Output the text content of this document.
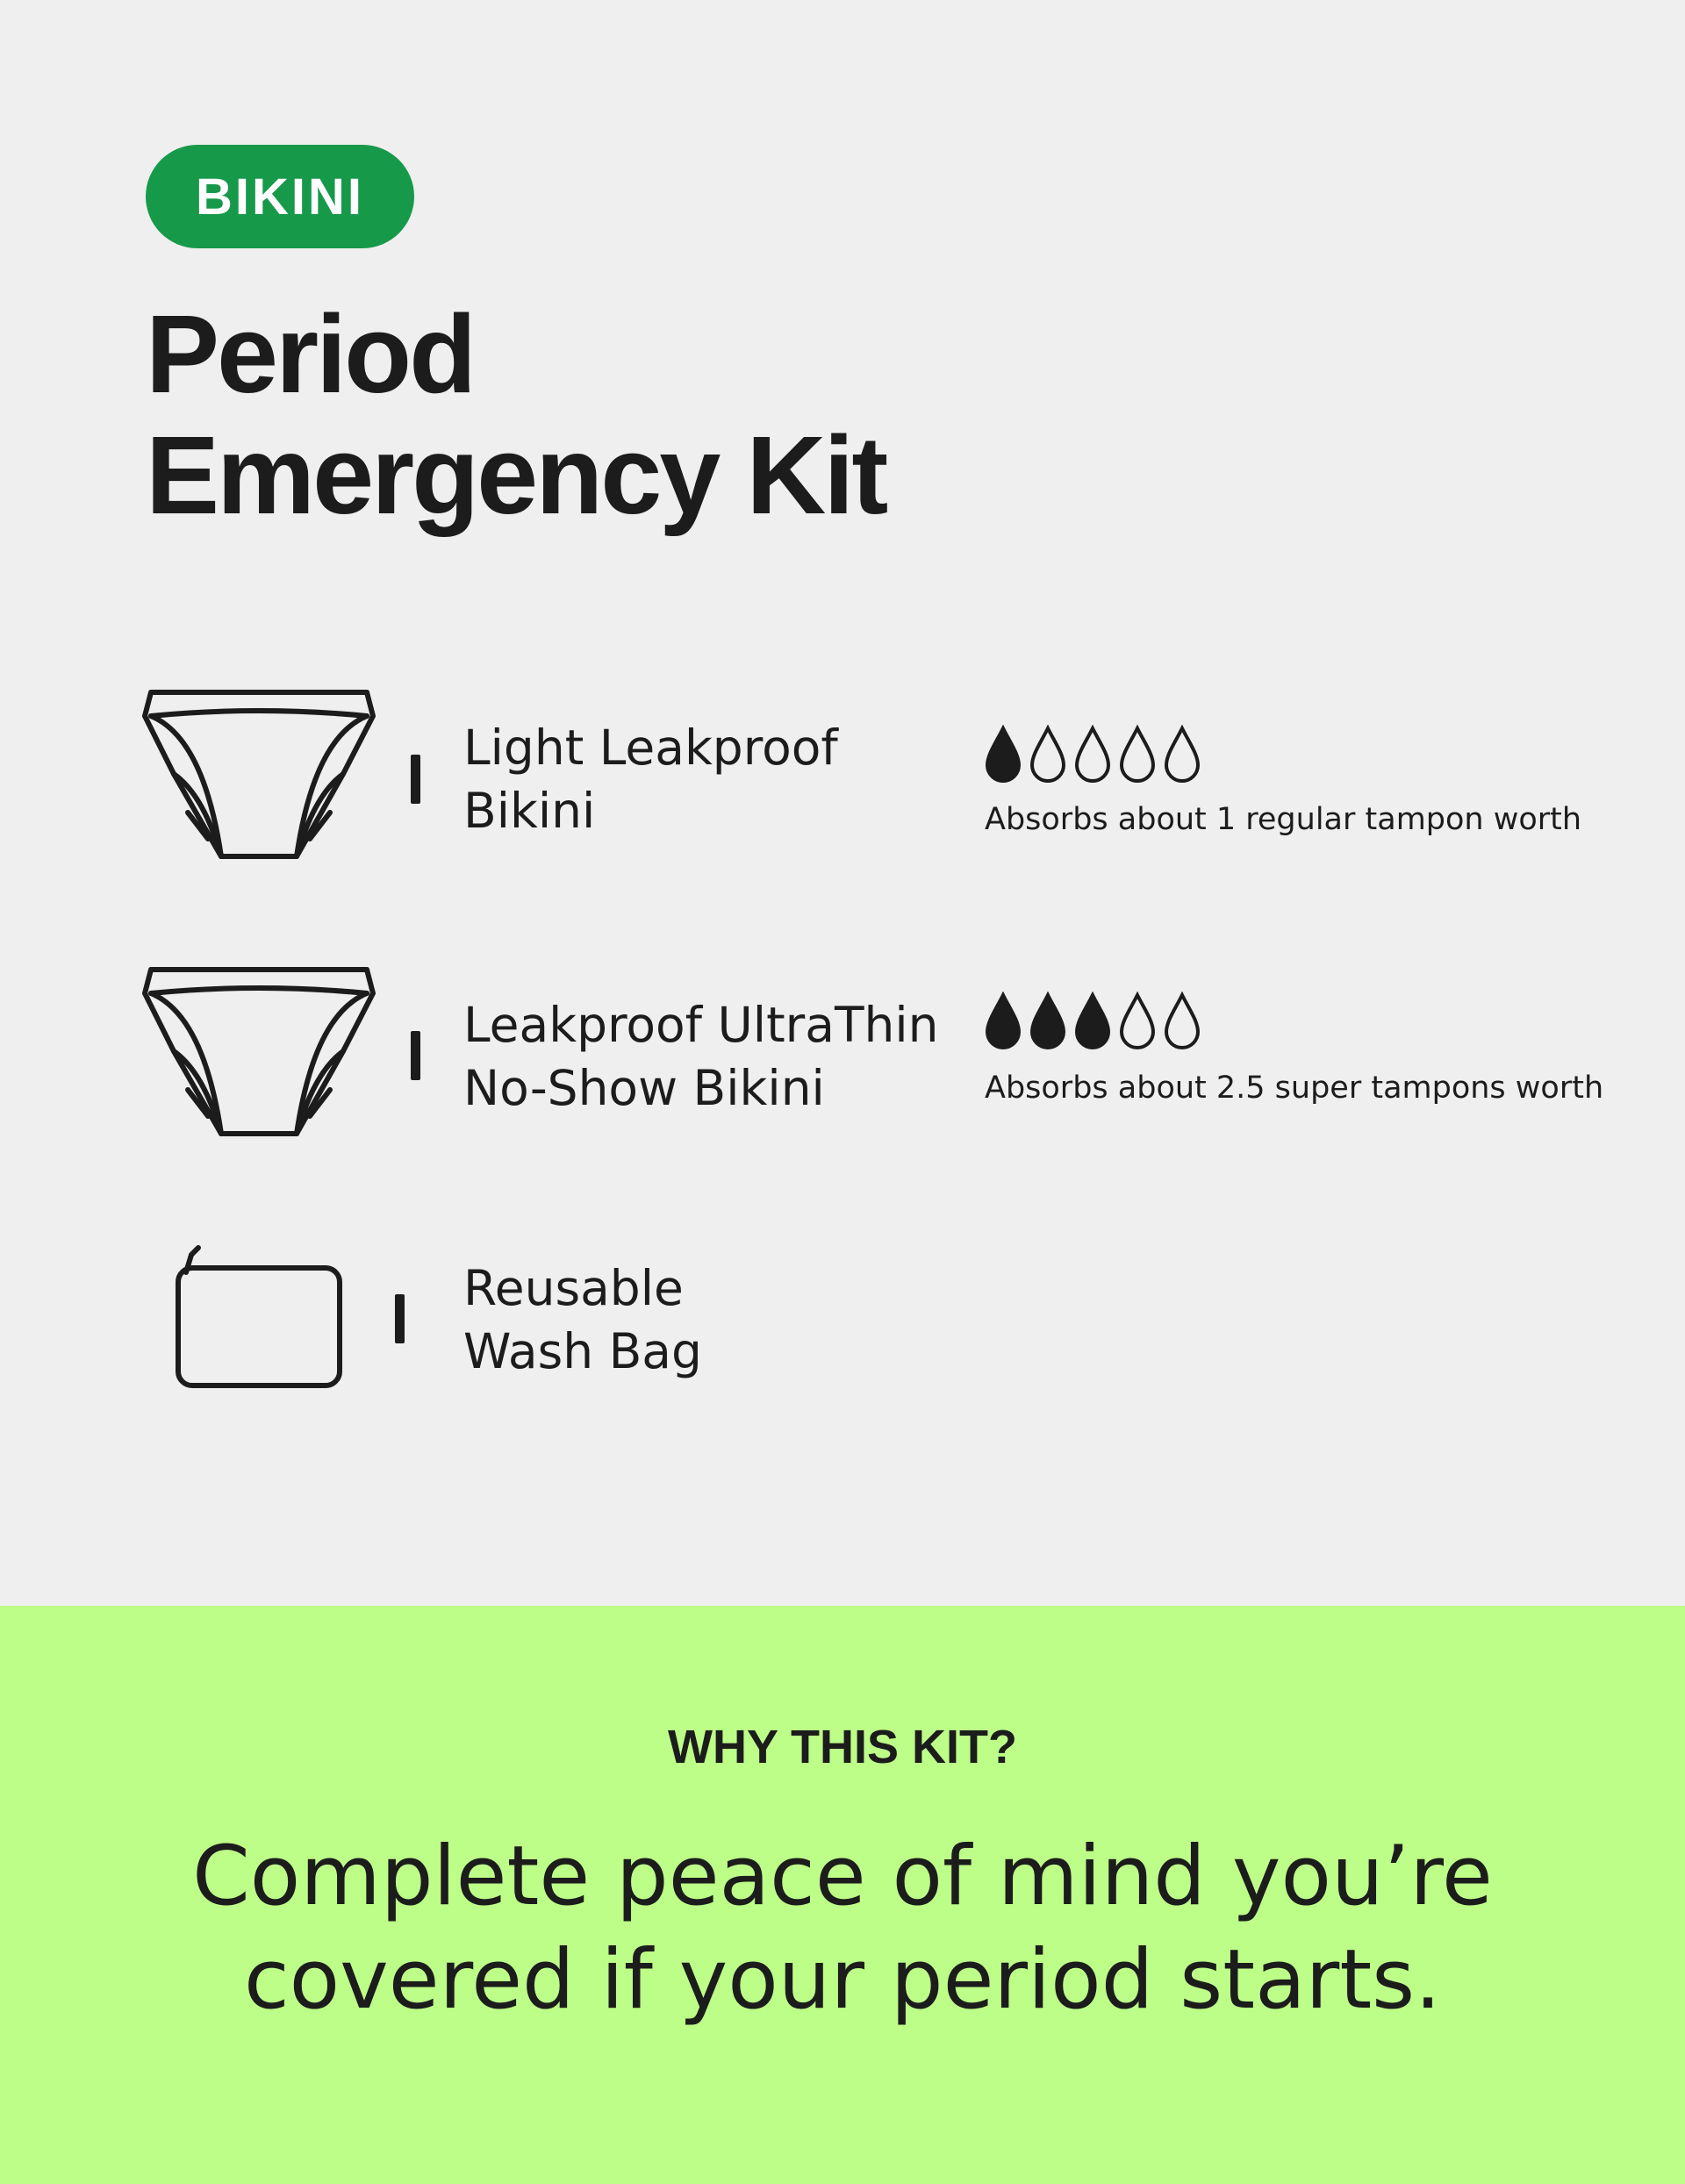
BIKINI
Period
Emergency Kit
Light Leakproof
Bikini	Absorbs about 1 regular tampon worth
Leakproof UltraThin
No-Show Bikini	Absorbs about 2.5 super tampons worth
Reusable
Wash Bag
WHY THIS KIT?
Complete peace of mind you’re
covered if your period starts.
